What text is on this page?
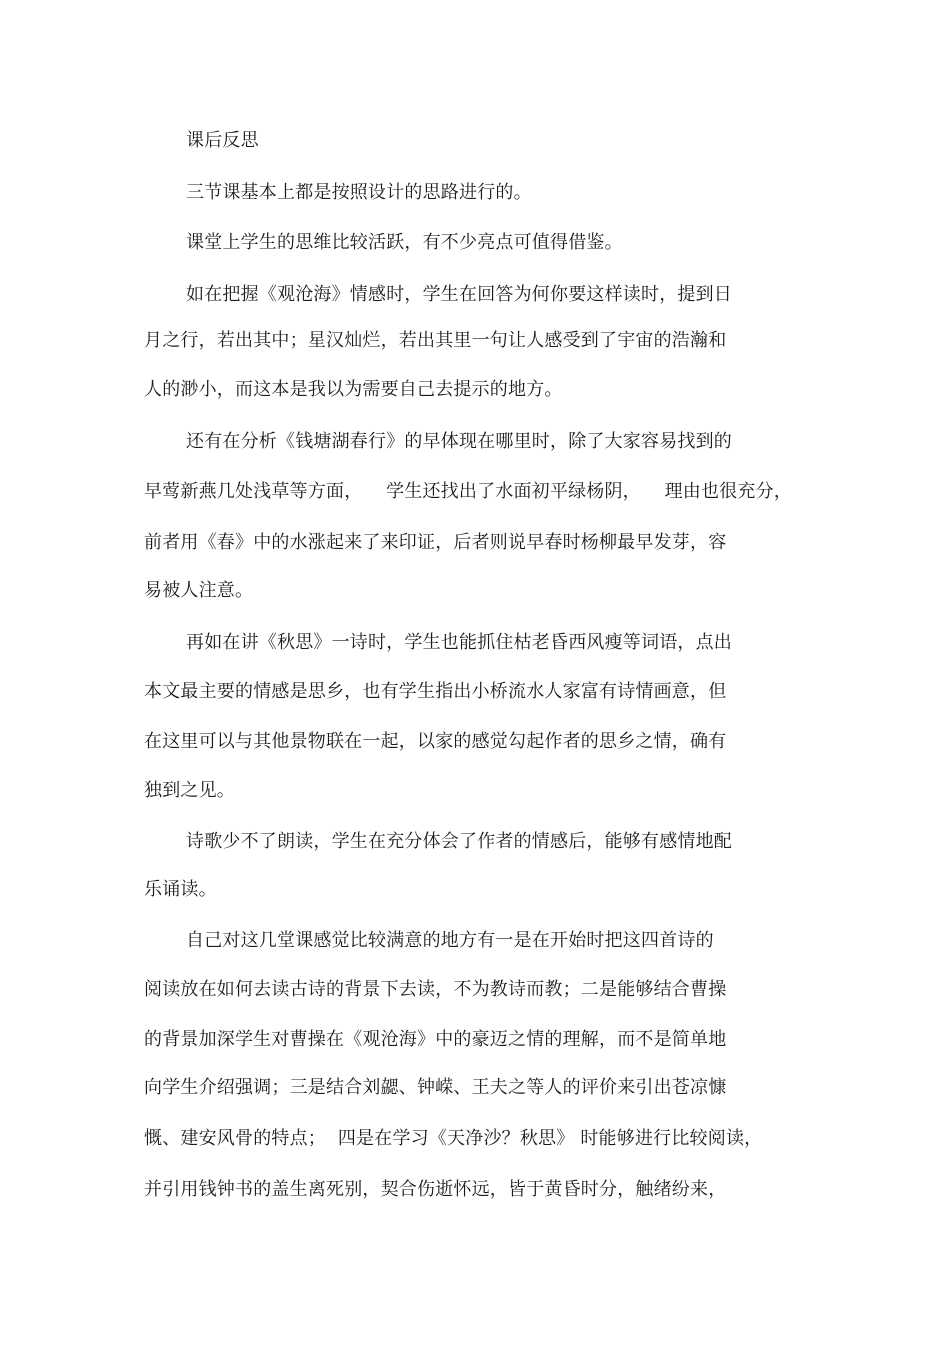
课后反思
三节课基本上都是按照设计的思路进行的。
课堂上学生的思维比较活跃，有不少亮点可值得借鉴。
如在把握《观沧海》情感时，学生在回答为何你要这样读时，提到日
月之行，若出其中；星汉灿烂，若出其里一句让人感受到了宇宙的浩瀚和
人的渺小，而这本是我以为需要自己去提示的地方。
还有在分析《钱塘湖春行》的早体现在哪里时，除了大家容易找到的
早莺新燕几处浅草等方面，    学生还找出了水面初平绿杨阴，    理由也很充分，
前者用《春》中的水涨起来了来印证，后者则说早春时杨柳最早发芽，容
易被人注意。
再如在讲《秋思》一诗时，学生也能抓住枯老昏西风瘦等词语，点出
本文最主要的情感是思乡，也有学生指出小桥流水人家富有诗情画意，但
在这里可以与其他景物联在一起，以家的感觉勾起作者的思乡之情，确有
独到之见。
诗歌少不了朗读，学生在充分体会了作者的情感后，能够有感情地配
乐诵读。
自己对这几堂课感觉比较满意的地方有一是在开始时把这四首诗的
阅读放在如何去读古诗的背景下去读，不为教诗而教；二是能够结合曹操
的背景加深学生对曹操在《观沧海》中的豪迈之情的理解，而不是简单地
向学生介绍强调；三是结合刘勰、钟嵘、王夫之等人的评价来引出苍凉慷
慨、建安风骨的特点；  四是在学习《天净沙？秋思》 时能够进行比较阅读，
并引用钱钟书的盖生离死别，契合伤逝怀远，皆于黄昏时分，触绪纷来，
